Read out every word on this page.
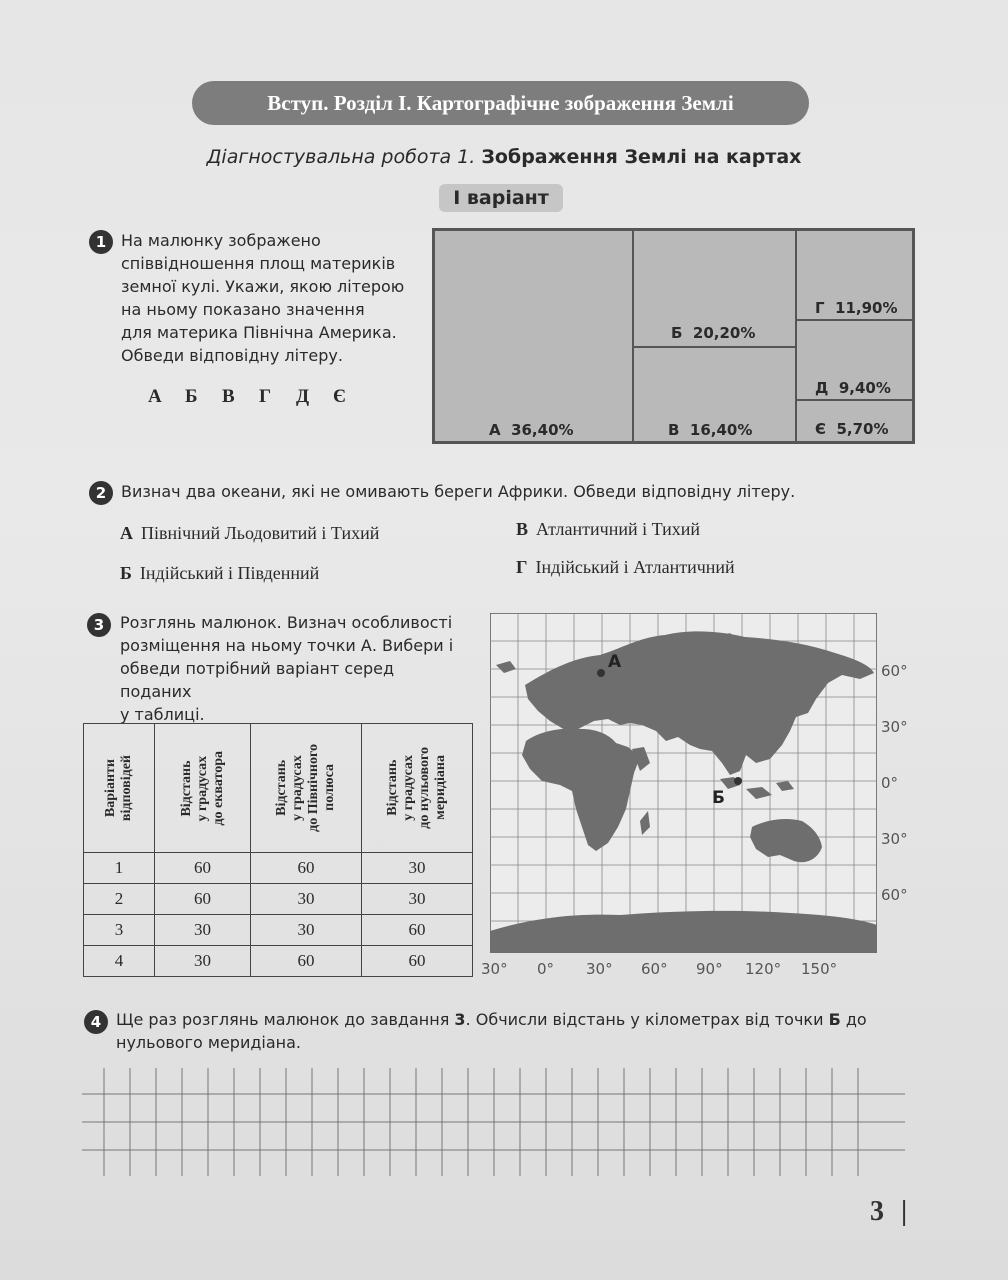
Вступ. Розділ І. Картографічне зображення Землі
Діагностувальна робота 1. Зображення Землі на картах
І варіант
1 На малюнку зображено
співвідношення площ материків
земної кулі. Укажи, якою літерою
на ньому показано значення
для материка Північна Америка.
Обведи відповідну літеру.
А	Б	В	Г	Д	Є
А 36,40%
Б 20,20%
В 16,40%
Г 11,90%
Д 9,40%
Є 5,70%
2 Визнач два океани, які не омивають береги Африки. Обведи відповідну літеру.
А Північний Льодовитий і Тихий
Б Індійський і Південний
В Атлантичний і Тихий
Г Індійський і Атлантичний
3 Розглянь малюнок. Визнач особливості
розміщення на ньому точки А. Вибери і
обведи потрібний варіант серед поданих
у таблиці.
Варіанти
відповідей	Відстань
у градусах
до екватора	Відстань
у градусах
до Північного
полюса	Відстань
у градусах
до нульового
меридіана

1	60	60	30
2	60	30	30
3	30	30	60
4	30	60	60
А
Б
60°
30°
0°
30°
60°
30° 0° 30° 60° 90° 120° 150°
4 Ще раз розглянь малюнок до завдання 3. Обчисли відстань у кілометрах від точки Б до
нульового меридіана.
3 |
